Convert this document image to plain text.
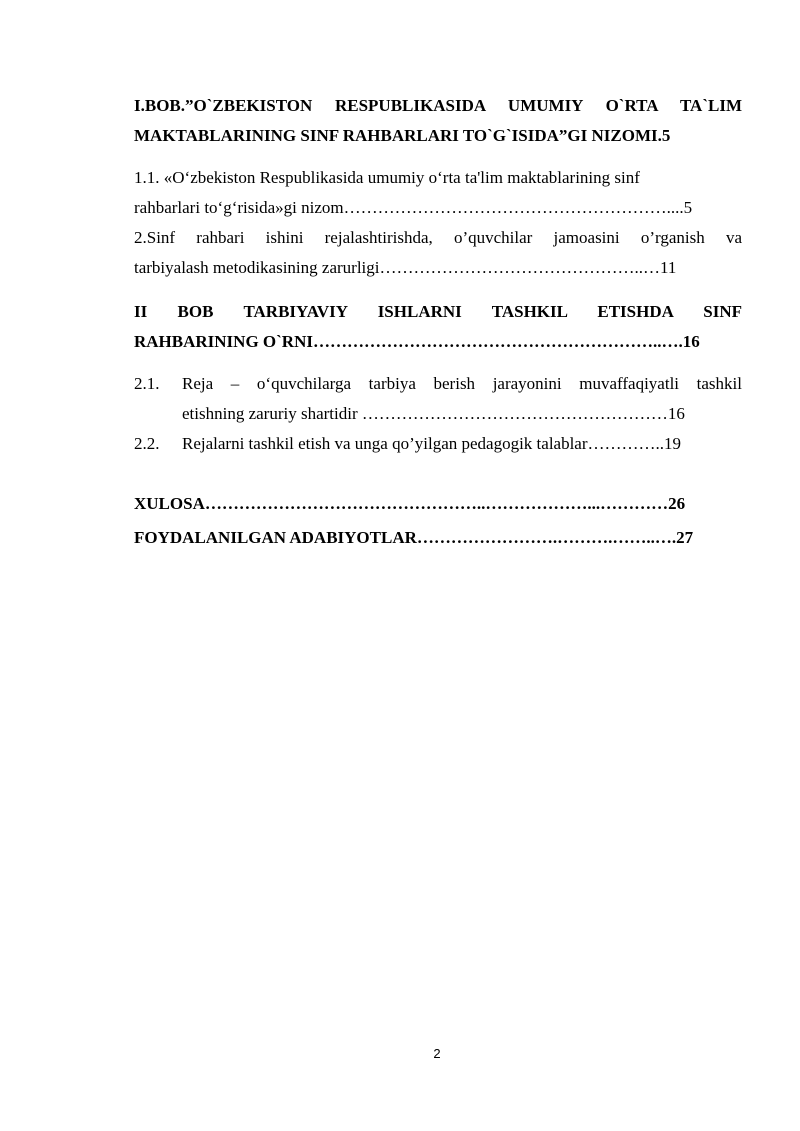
I.BOB.”O`ZBEKISTON RESPUBLIKASIDA UMUMIY O`RTA TA`LIM
MAKTABLARINING SINF RAHBARLARI TO`G`ISIDA”GI NIZOMI.5
1.1. «O‘zbekiston Respublikasida umumiy o‘rta ta'lim maktablarining sinf
rahbarlari to‘g‘risida»gi nizom…………………………………………………....5
2.Sinf rahbari ishini rejalashtirishda, o’quvchilar jamoasini o’rganish va
tarbiyalash metodikasining zarurligi………………………………………..…11
II BOB TARBIYAVIY ISHLARNI TASHKIL ETISHDA SINF
RAHBARINING O`RNI……………………………………………………..….16
2.1. Reja – o‘quvchilarga tarbiya berish jarayonini muvaffaqiyatli tashkil
etishning zaruriy shartidir ………………………………………………16
2.2. Rejalarni tashkil etish va unga qo’yilgan pedagogik talablar…………..19
XULOSA…………………………………………..………………...…………26
FOYDALANILGAN ADABIYOTLAR…………………….……….……..….27
2
